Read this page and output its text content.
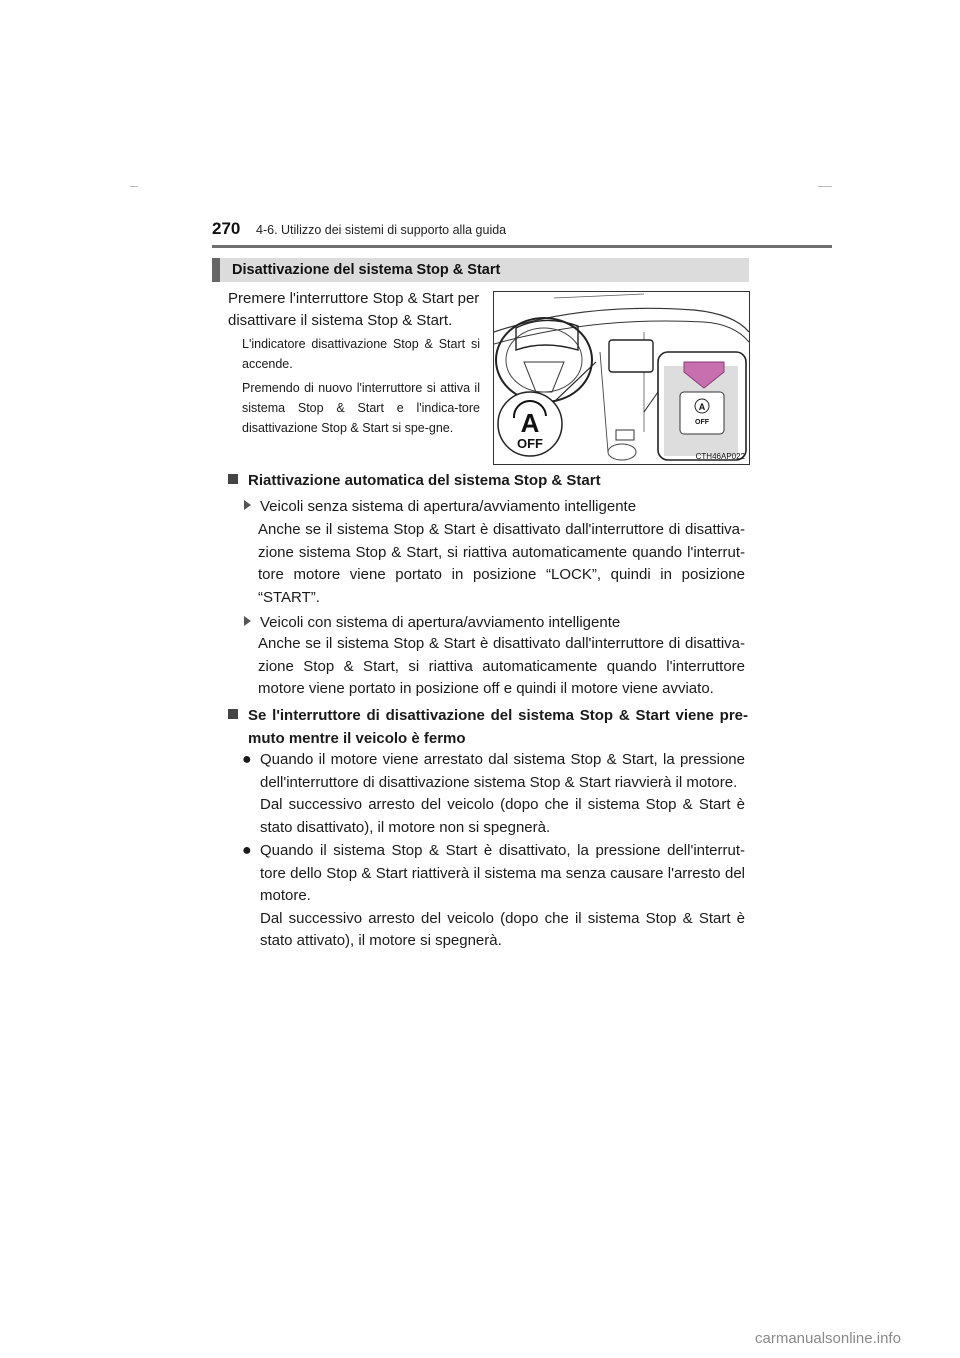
270 4-6. Utilizzo dei sistemi di supporto alla guida
Disattivazione del sistema Stop & Start
Premere l'interruttore Stop & Start per disattivare il sistema Stop & Start.
L'indicatore disattivazione Stop & Start si accende.
Premendo di nuovo l'interruttore si attiva il sistema Stop & Start e l'indica-tore disattivazione Stop & Start si spe-gne.	A
OFF
A
OFF
CTH46AP022
Riattivazione automatica del sistema Stop & Start
Veicoli senza sistema di apertura/avviamento intelligente

Anche se il sistema Stop & Start è disattivato dall'interruttore di disattiva-zione sistema Stop & Start, si riattiva automaticamente quando l'interrut-tore motore viene portato in posizione “LOCK”, quindi in posizione “START”.

Veicoli con sistema di apertura/avviamento intelligente

Anche se il sistema Stop & Start è disattivato dall'interruttore di disattiva-zione Stop & Start, si riattiva automaticamente quando l'interruttore motore viene portato in posizione off e quindi il motore viene avviato.

Se l'interruttore di disattivazione del sistema Stop & Start viene pre-
muto mentre il veicolo è fermo
● Quando il motore viene arrestato dal sistema Stop & Start, la pressione dell'interruttore di disattivazione sistema Stop & Start riavvierà il motore.

Dal successivo arresto del veicolo (dopo che il sistema Stop & Start è stato disattivato), il motore non si spegnerà.

● Quando il sistema Stop & Start è disattivato, la pressione dell'interrut-tore dello Stop & Start riattiverà il sistema ma senza causare l'arresto del motore.

Dal successivo arresto del veicolo (dopo che il sistema Stop & Start è stato attivato), il motore si spegnerà.

carmanualsonline.info
